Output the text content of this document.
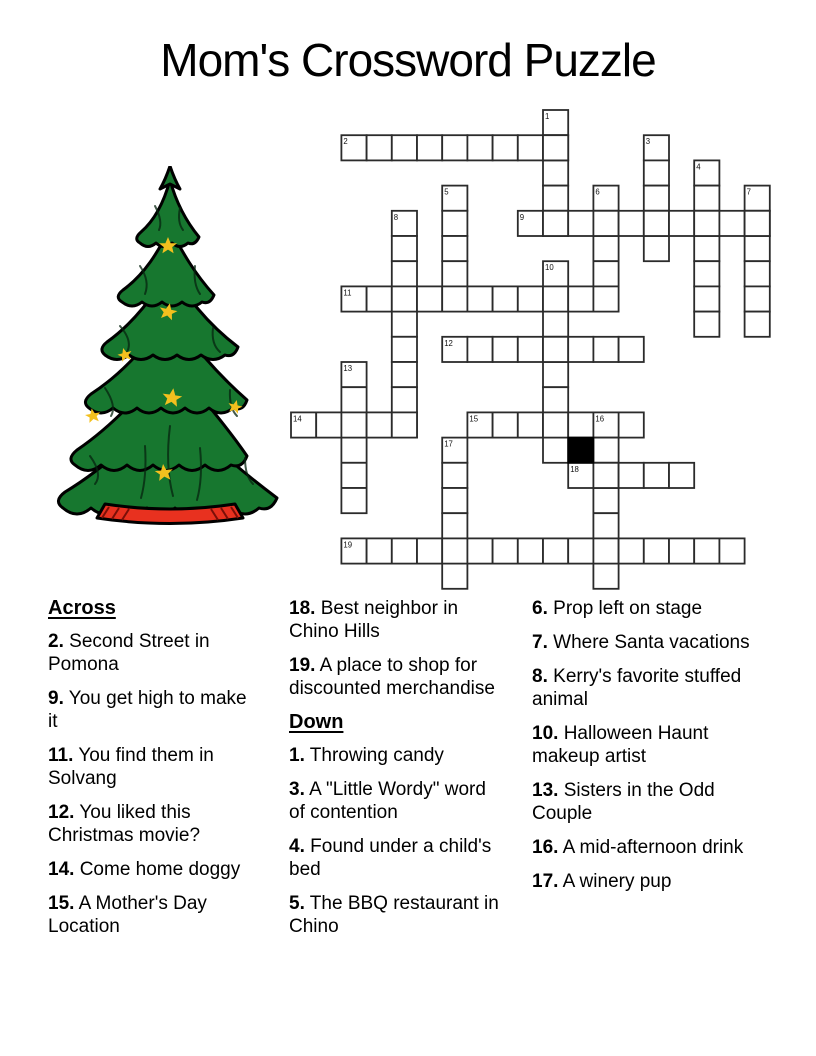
Mom's Crossword Puzzle
1
2	3
4
5	6	7
8	9
10
11
12
13
14	15	16
17
18
19
Across

2. Second Street in Pomona

9. You get high to make it

11. You find them in Solvang

12. You liked this Christmas movie?

14. Come home doggy

15. A Mother's Day Location

18. Best neighbor in Chino Hills

19. A place to shop for discounted merchandise

Down

1. Throwing candy

3. A "Little Wordy" word of contention

4. Found under a child's bed

5. The BBQ restaurant in Chino

6. Prop left on stage

7. Where Santa vacations

8. Kerry's favorite stuffed animal

10. Halloween Haunt makeup artist

13. Sisters in the Odd Couple

16. A mid-afternoon drink

17. A winery pup
